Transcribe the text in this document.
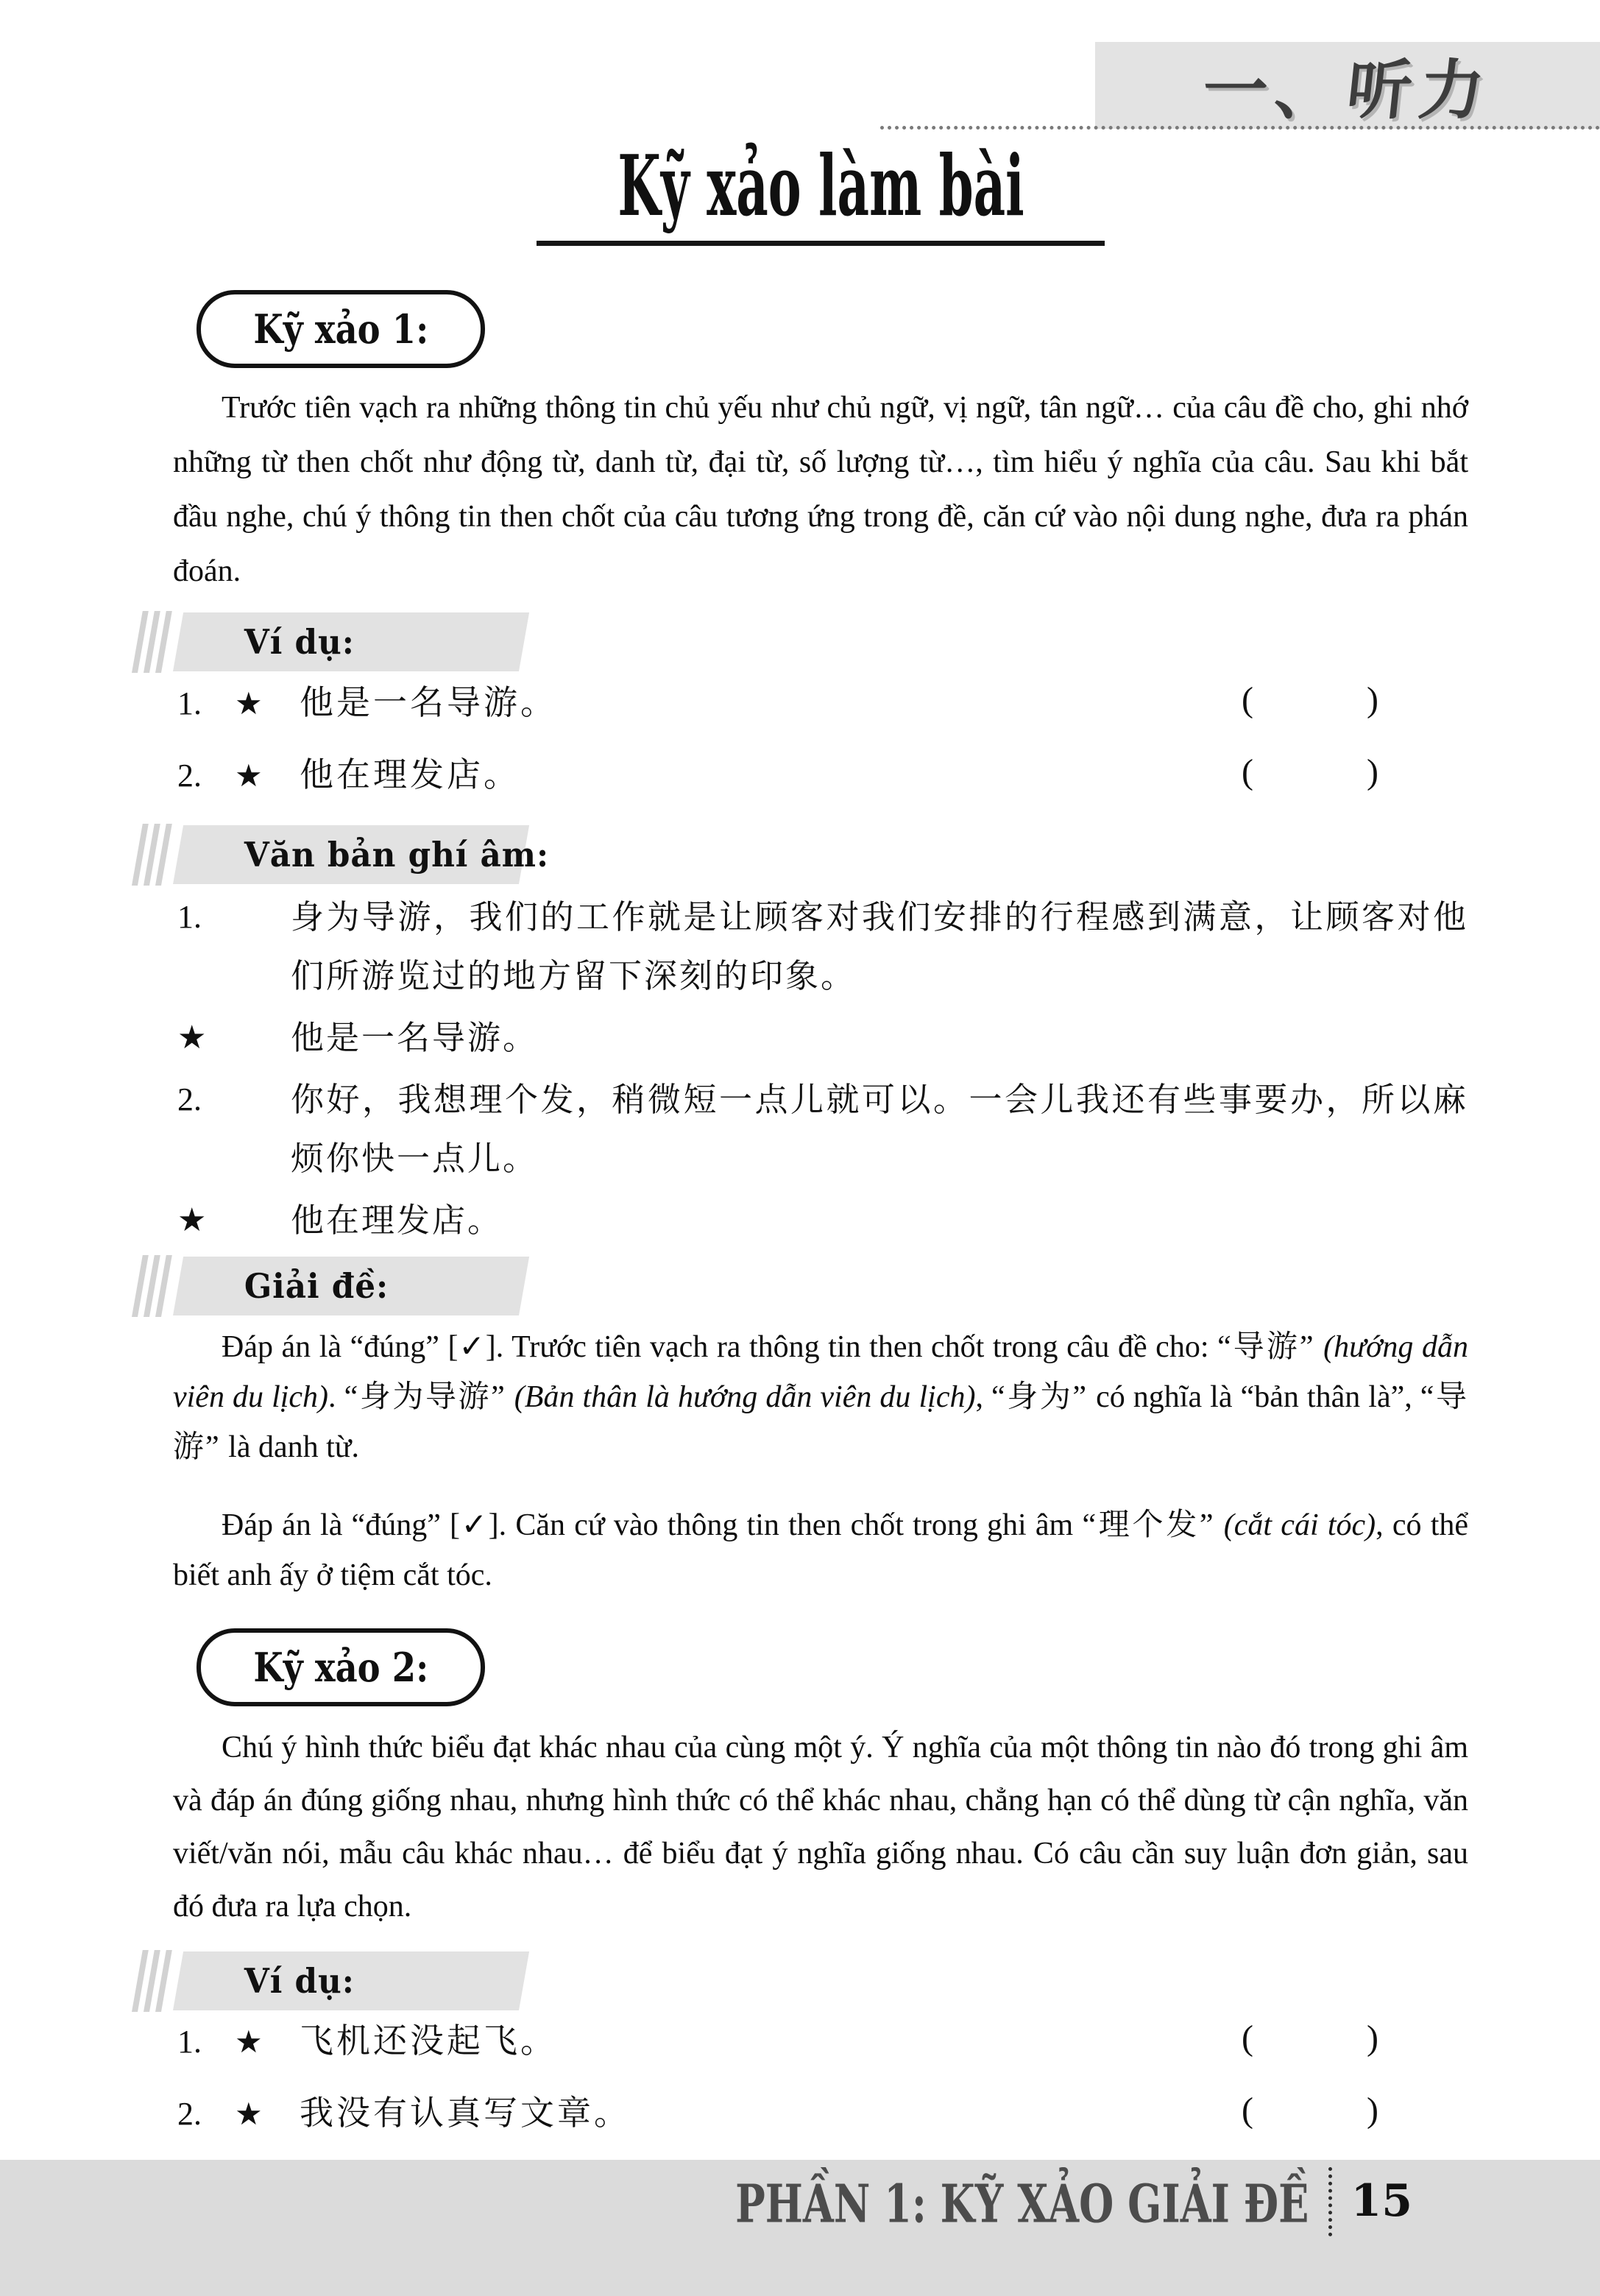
一、听力
Kỹ xảo làm bài
Kỹ xảo 1:

Trước tiên vạch ra những thông tin chủ yếu như chủ ngữ, vị ngữ, tân ngữ… của câu đề cho, ghi nhớ những từ then chốt như động từ, danh từ, đại từ, số lượng từ…, tìm hiểu ý nghĩa của câu. Sau khi bắt đầu nghe, chú ý thông tin then chốt của câu tương ứng trong đề, căn cứ vào nội dung nghe, đưa ra phán đoán.

Ví dụ:
1.	★	他是一名导游。	(	)
2.	★	他在理发店。	(	)
Văn bản ghí âm:
1.	身为导游，我们的工作就是让顾客对我们安排的行程感到满意，让顾客对他们所游览过的地方留下深刻的印象。
★	他是一名导游。
2.	你好，我想理个发，稍微短一点儿就可以。一会儿我还有些事要办，所以麻烦你快一点儿。
★	他在理发店。
Giải đề:

Đáp án là “đúng” [✓]. Trước tiên vạch ra thông tin then chốt trong câu đề cho: “导游” (hướng dẫn viên du lịch). “身为导游” (Bản thân là hướng dẫn viên du lịch), “身为” có nghĩa là “bản thân là”, “导游” là danh từ.

Đáp án là “đúng” [✓]. Căn cứ vào thông tin then chốt trong ghi âm “理个发” (cắt cái tóc), có thể biết anh ấy ở tiệm cắt tóc.

Kỹ xảo 2:

Chú ý hình thức biểu đạt khác nhau của cùng một ý. Ý nghĩa của một thông tin nào đó trong ghi âm và đáp án đúng giống nhau, nhưng hình thức có thể khác nhau, chẳng hạn có thể dùng từ cận nghĩa, văn viết/văn nói, mẫu câu khác nhau… để biểu đạt ý nghĩa giống nhau. Có câu cần suy luận đơn giản, sau đó đưa ra lựa chọn.

Ví dụ:
1.	★	飞机还没起飞。	(	)
2.	★	我没有认真写文章。	(	)
PHẦN 1: KỸ XẢO GIẢI ĐỀ 15
